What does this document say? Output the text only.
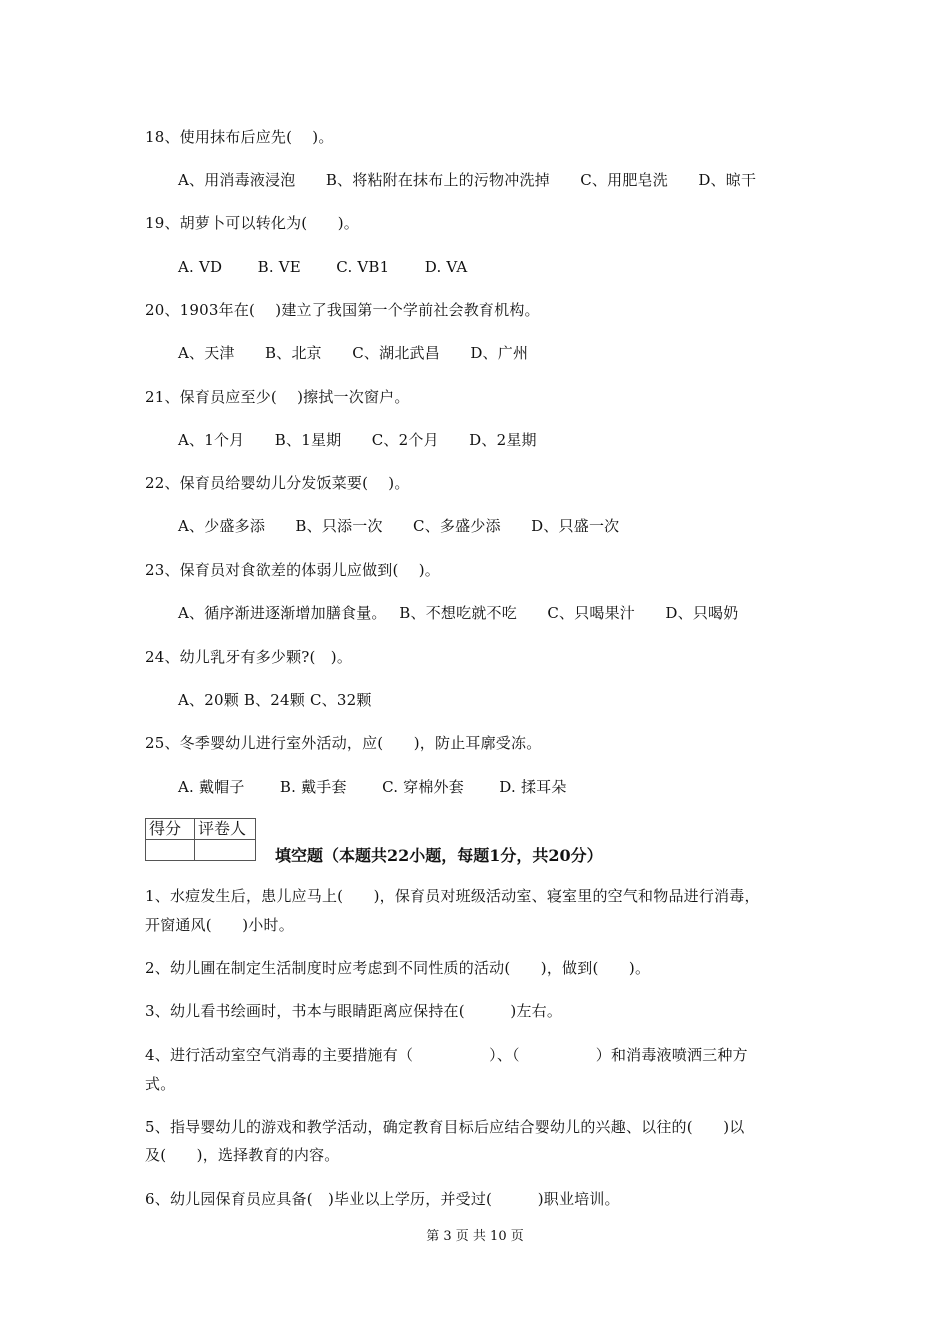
18、使用抹布后应先(　 )。
A、用消毒液浸泡　　B、将粘附在抹布上的污物冲洗掉　　C、用肥皂洗　　D、晾干
19、胡萝卜可以转化为(　　)。
A. VD　　 B. VE　　 C. VB1　　 D. VA
20、1903年在(　 )建立了我国第一个学前社会教育机构。
A、天津　　B、北京　　C、湖北武昌　　D、广州
21、保育员应至少(　 )擦拭一次窗户。
A、1个月　　B、1星期　　C、2个月　　D、2星期
22、保育员给婴幼儿分发饭菜要(　 )。
A、少盛多添　　B、只添一次　　C、多盛少添　　D、只盛一次
23、保育员对食欲差的体弱儿应做到(　 )。
A、循序渐进逐渐增加膳食量。　 B、不想吃就不吃　　C、只喝果汁　　D、只喝奶
24、幼儿乳牙有多少颗?(　)。
A、20颗 B、24颗 C、32颗
25、冬季婴幼儿进行室外活动，应(　　)，防止耳廓受冻。
A. 戴帽子　　 B. 戴手套　　 C. 穿棉外套　　 D. 揉耳朵
得分	评卷人

填空题（本题共22小题，每题1分，共20分）
1、水痘发生后，患儿应马上(　　)，保育员对班级活动室、寝室里的空气和物品进行消毒，
开窗通风(　　)小时。
2、幼儿圃在制定生活制度时应考虑到不同性质的活动(　　)，做到(　　)。
3、幼儿看书绘画时，书本与眼睛距离应保持在(　　　)左右。
4、进行活动室空气消毒的主要措施有（　　　　　）、（　　　　　）和消毒液喷洒三种方
式。
5、指导婴幼儿的游戏和教学活动，确定教育目标后应结合婴幼儿的兴趣、以往的(　　)以
及(　　)，选择教育的内容。
6、幼儿园保育员应具备(　)毕业以上学历，并受过(　　　)职业培训。
第 3 页 共 10 页
